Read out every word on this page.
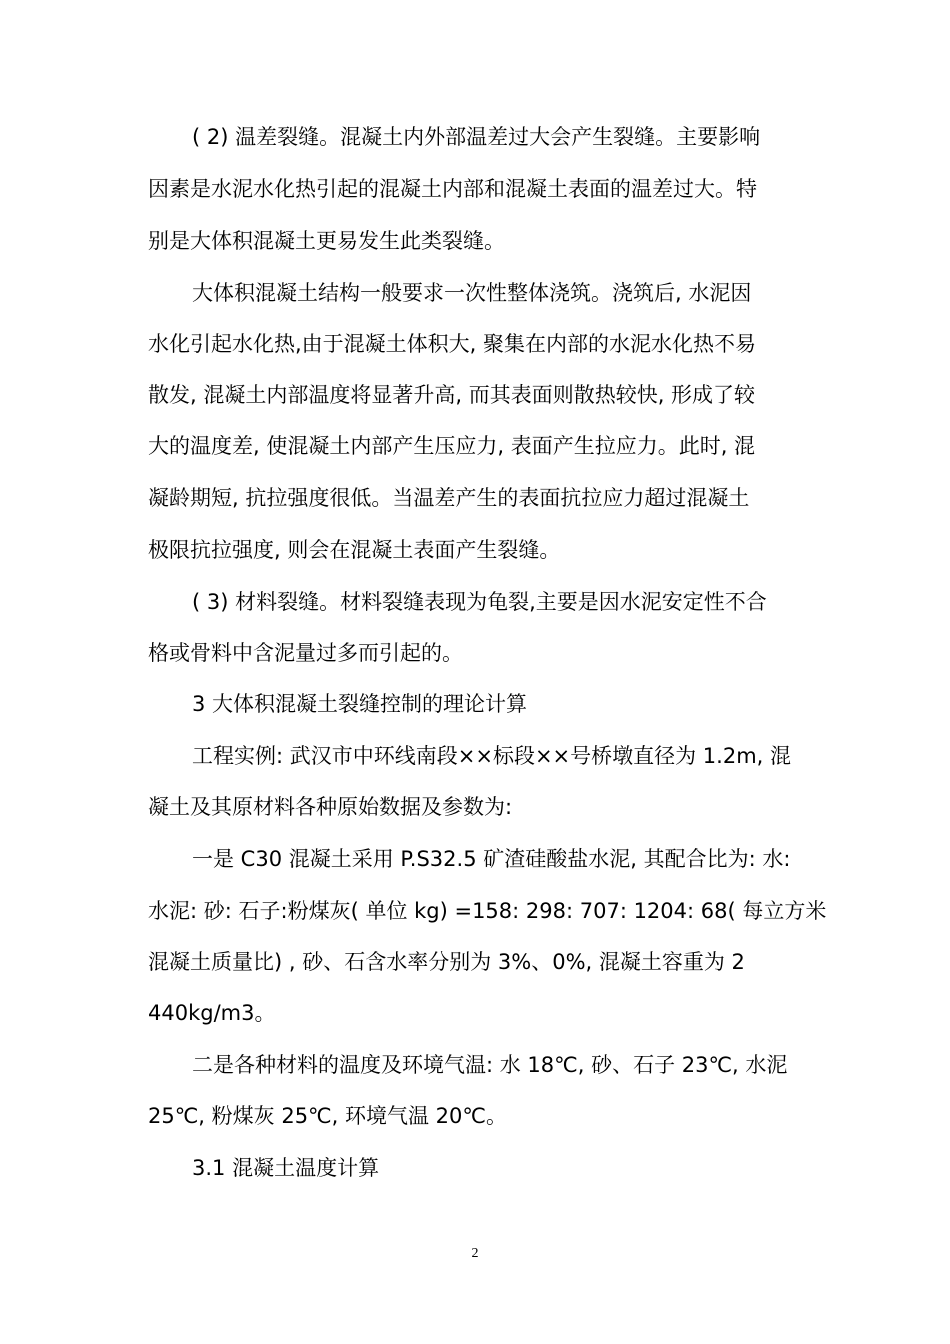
( 2) 温差裂缝。混凝土内外部温差过大会产生裂缝。主要影响
因素是水泥水化热引起的混凝土内部和混凝土表面的温差过大。特
别是大体积混凝土更易发生此类裂缝。
大体积混凝土结构一般要求一次性整体浇筑。浇筑后, 水泥因
水化引起水化热,由于混凝土体积大, 聚集在内部的水泥水化热不易
散发, 混凝土内部温度将显著升高, 而其表面则散热较快, 形成了较
大的温度差, 使混凝土内部产生压应力, 表面产生拉应力。此时, 混
凝龄期短, 抗拉强度很低。当温差产生的表面抗拉应力超过混凝土
极限抗拉强度, 则会在混凝土表面产生裂缝。
( 3) 材料裂缝。材料裂缝表现为龟裂,主要是因水泥安定性不合
格或骨料中含泥量过多而引起的。
3 大体积混凝土裂缝控制的理论计算
工程实例: 武汉市中环线南段××标段××号桥墩直径为 1.2m, 混
凝土及其原材料各种原始数据及参数为:
一是 C30 混凝土采用 P.S32.5 矿渣硅酸盐水泥, 其配合比为: 水:
水泥: 砂: 石子:粉煤灰( 单位 kg) =158: 298: 707: 1204: 68( 每立方米
混凝土质量比) , 砂、石含水率分别为 3%、0%, 混凝土容重为 2
440kg/m3。
二是各种材料的温度及环境气温: 水 18℃, 砂、石子 23℃, 水泥
25℃, 粉煤灰 25℃, 环境气温 20℃。
3.1 混凝土温度计算
2
